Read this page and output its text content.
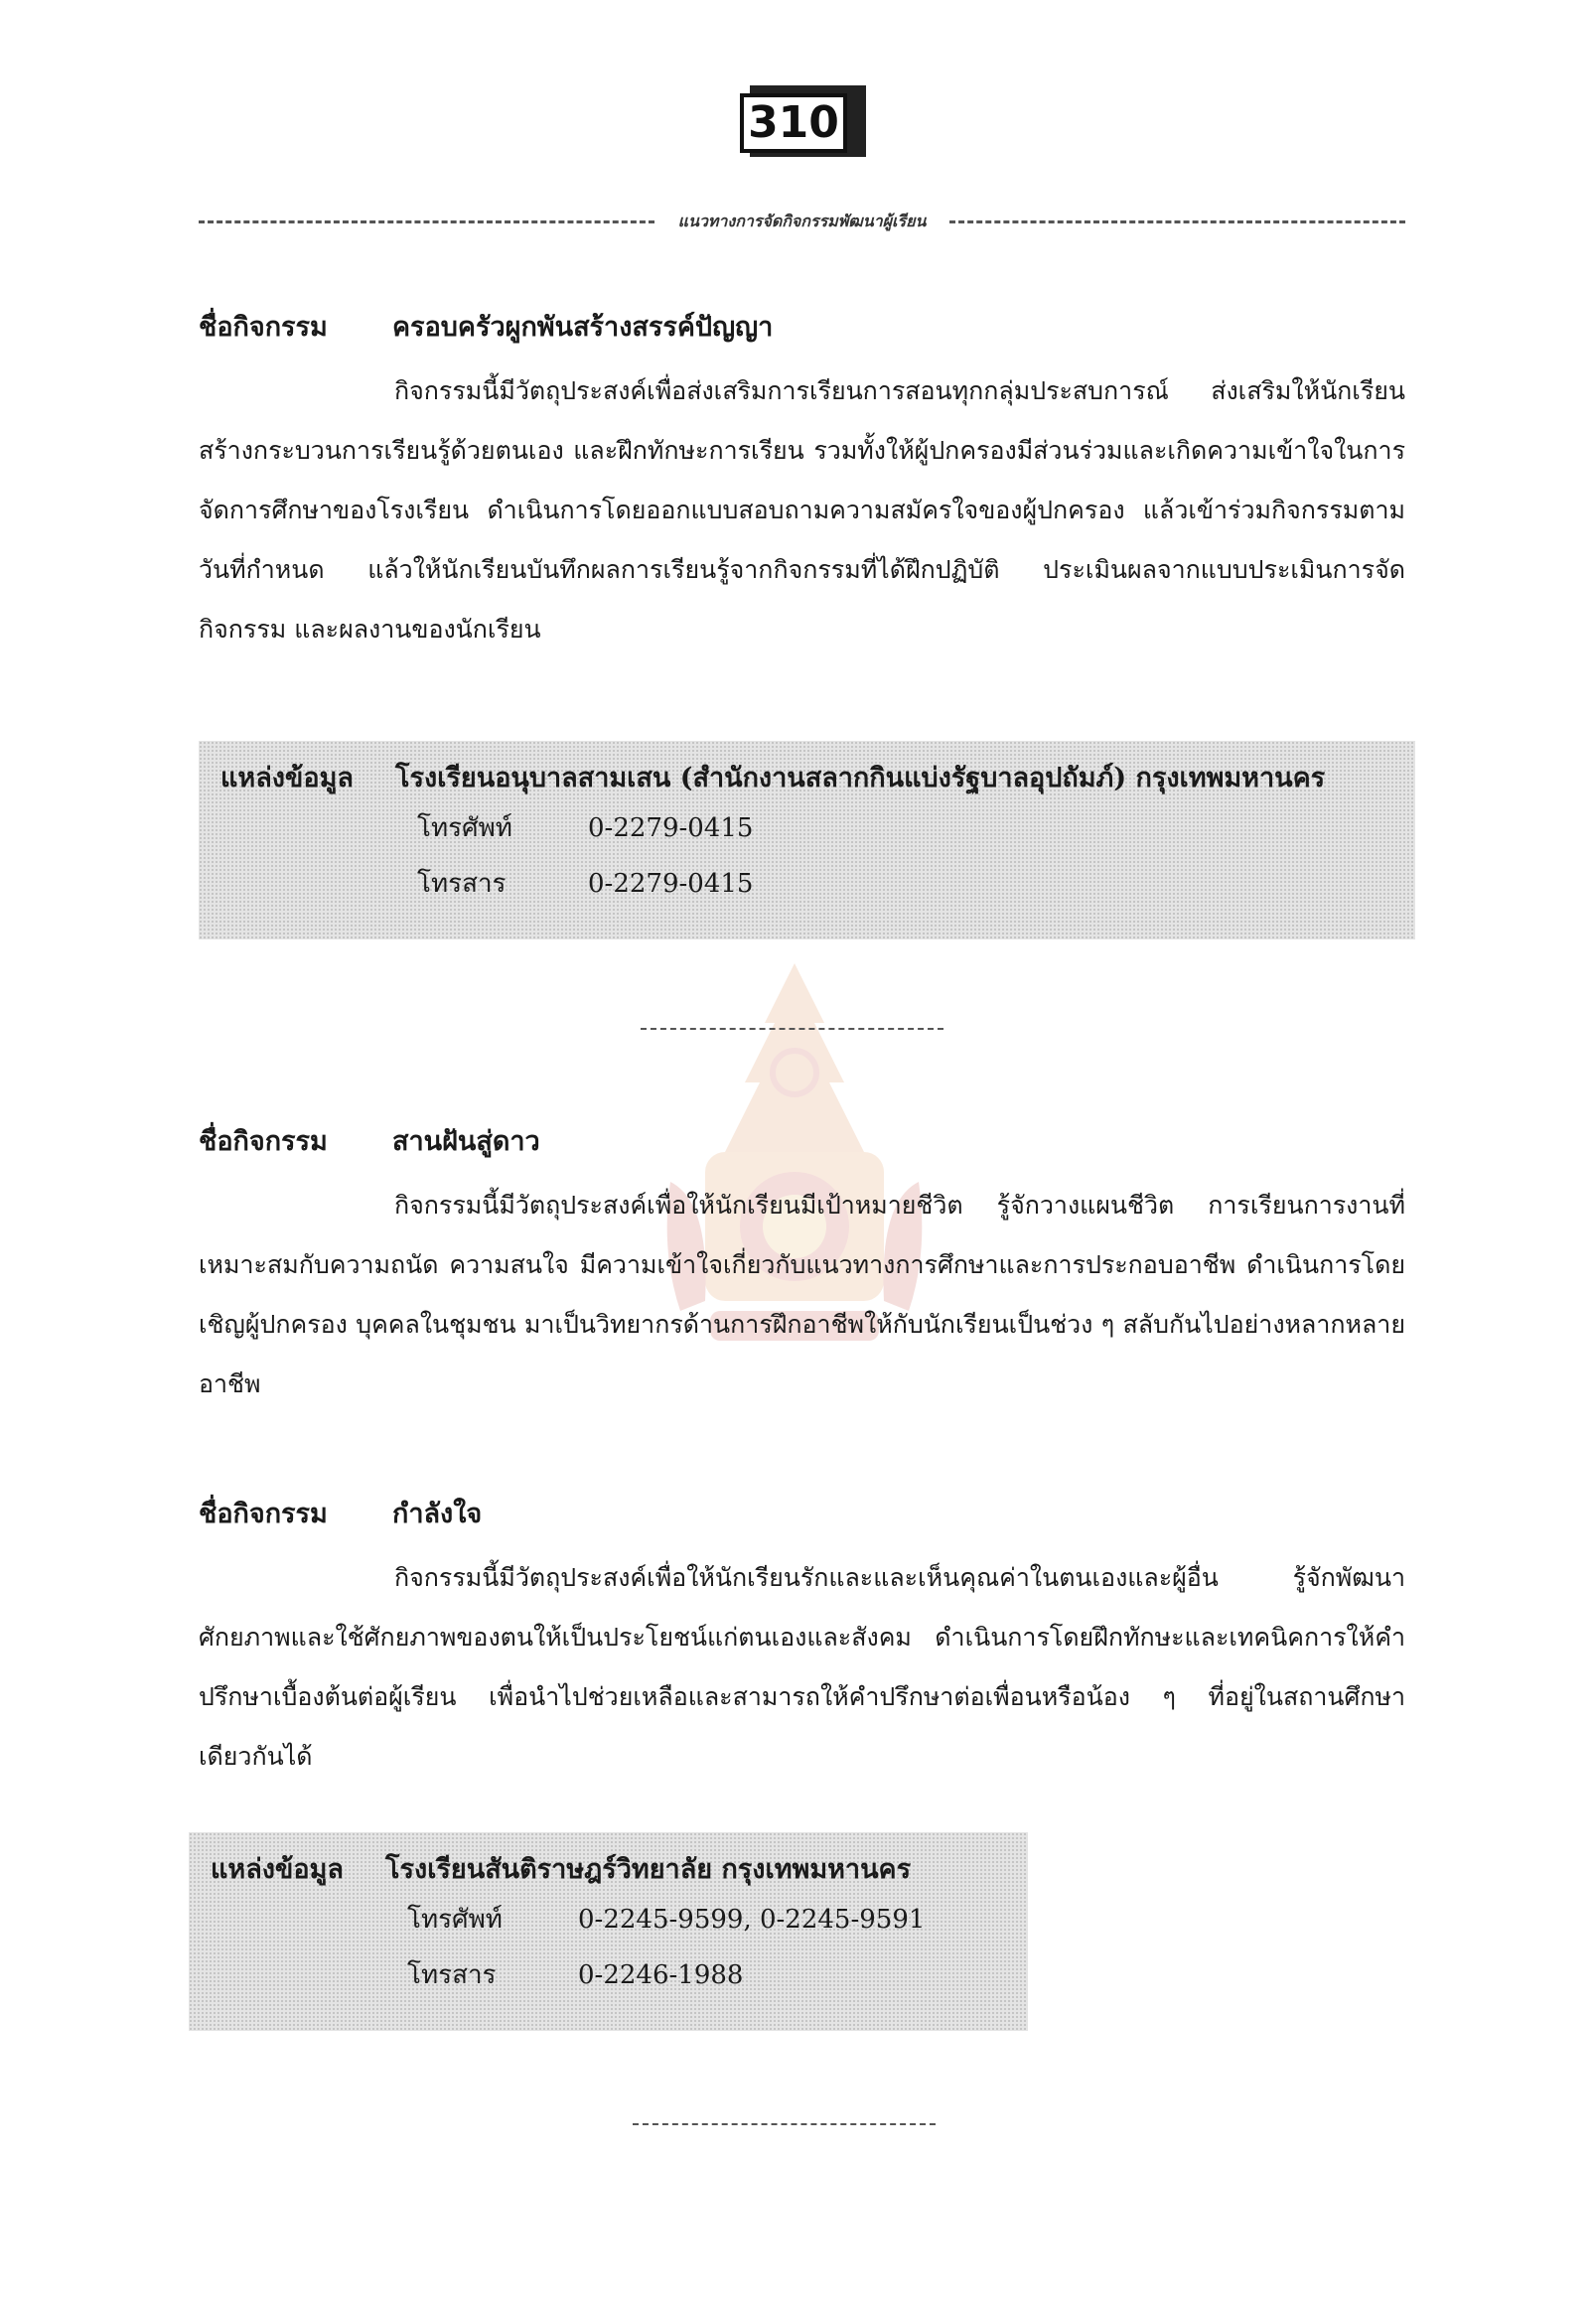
310
แนวทางการจัดกิจกรรมพัฒนาผู้เรียน
ชื่อกิจกรรม	ครอบครัวผูกพันสร้างสรรค์ปัญญา

กิจกรรมนี้มีวัตถุประสงค์เพื่อส่งเสริมการเรียนการสอนทุกกลุ่มประสบการณ์ ส่งเสริมให้นักเรียนสร้างกระบวนการเรียนรู้ด้วยตนเอง และฝึกทักษะการเรียน รวมทั้งให้ผู้ปกครองมีส่วนร่วมและเกิดความเข้าใจในการจัดการศึกษาของโรงเรียน ดำเนินการโดยออกแบบสอบถามความสมัครใจของผู้ปกครอง แล้วเข้าร่วมกิจกรรมตามวันที่กำหนด แล้วให้นักเรียนบันทึกผลการเรียนรู้จากกิจกรรมที่ได้ฝึกปฏิบัติ ประเมินผลจากแบบประเมินการจัดกิจกรรม และผลงานของนักเรียน

แหล่งข้อมูล	โรงเรียนอนุบาลสามเสน (สำนักงานสลากกินแบ่งรัฐบาลอุปถัมภ์) กรุงเทพมหานคร
โทรศัพท์	0-2279-0415
โทรสาร	0-2279-0415
ชื่อกิจกรรม	สานฝันสู่ดาว

กิจกรรมนี้มีวัตถุประสงค์เพื่อให้นักเรียนมีเป้าหมายชีวิต รู้จักวางแผนชีวิต การเรียนการงานที่เหมาะสมกับความถนัด ความสนใจ มีความเข้าใจเกี่ยวกับแนวทางการศึกษาและการประกอบอาชีพ ดำเนินการโดยเชิญผู้ปกครอง บุคคลในชุมชน มาเป็นวิทยากรด้านการฝึกอาชีพให้กับนักเรียนเป็นช่วง ๆ สลับกันไปอย่างหลากหลายอาชีพ

ชื่อกิจกรรม	กำลังใจ

กิจกรรมนี้มีวัตถุประสงค์เพื่อให้นักเรียนรักและและเห็นคุณค่าในตนเองและผู้อื่น รู้จักพัฒนาศักยภาพและใช้ศักยภาพของตนให้เป็นประโยชน์แก่ตนเองและสังคม ดำเนินการโดยฝึกทักษะและเทคนิคการให้คำปรึกษาเบื้องต้นต่อผู้เรียน เพื่อนำไปช่วยเหลือและสามารถให้คำปรึกษาต่อเพื่อนหรือน้อง ๆ ที่อยู่ในสถานศึกษาเดียวกันได้

แหล่งข้อมูล	โรงเรียนสันติราษฎร์วิทยาลัย กรุงเทพมหานคร
โทรศัพท์	0-2245-9599, 0-2245-9591
โทรสาร	0-2246-1988
